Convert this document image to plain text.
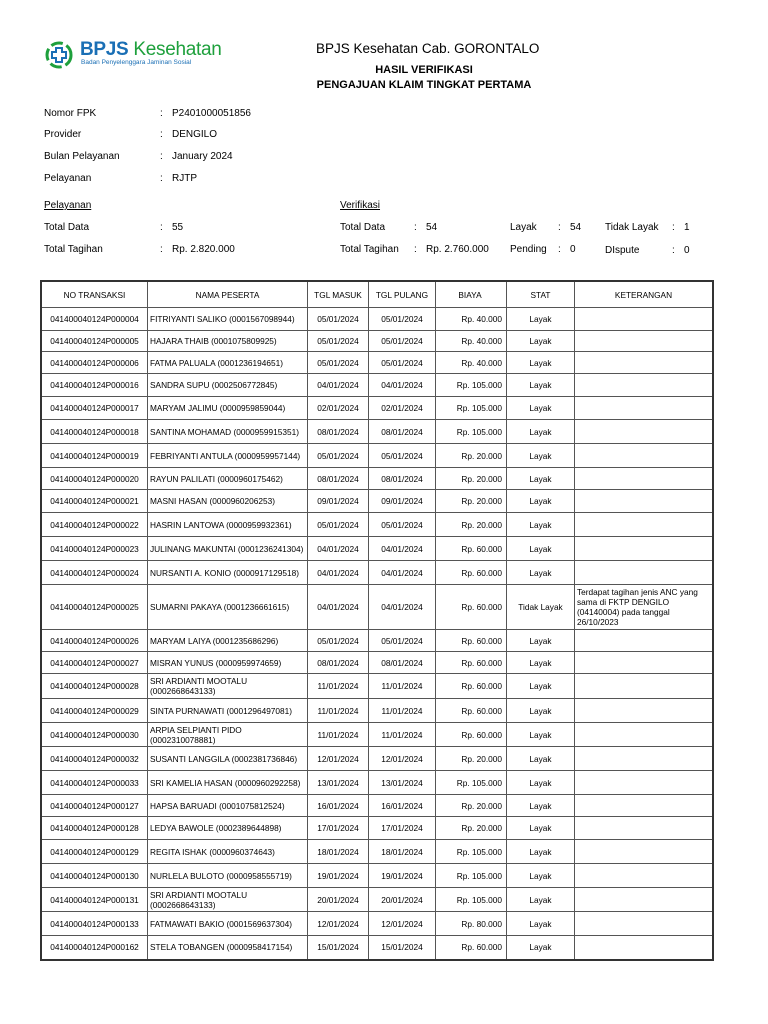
BPJS Kesehatan
Badan Penyelenggara Jaminan Sosial
BPJS Kesehatan Cab. GORONTALO
HASIL VERIFIKASI
PENGAJUAN KLAIM TINGKAT PERTAMA
Nomor FPK	: P2401000051856
Provider	: DENGILO
Bulan Pelayanan	: January 2024
Pelayanan	: RJTP
Pelayanan
Total Data	: 55
Total Tagihan	: Rp. 2.820.000
Verifikasi
Total Data	: 54
Total Tagihan : Rp. 2.760.000
Layak : 54
Pending : 0
Tidak Layak : 1
DIspute	: 0
NO TRANSAKSI	NAMA PESERTA	TGL MASUK	TGL PULANG	BIAYA	STAT	KETERANGAN
041400040124P000004	FITRIYANTI SALIKO (0001567098944)	05/01/2024	05/01/2024	Rp. 40.000	Layak	
041400040124P000005	HAJARA THAIB (0001075809925)	05/01/2024	05/01/2024	Rp. 40.000	Layak	
041400040124P000006	FATMA PALUALA (0001236194651)	05/01/2024	05/01/2024	Rp. 40.000	Layak	
041400040124P000016	SANDRA SUPU (0002506772845)	04/01/2024	04/01/2024	Rp. 105.000	Layak	
041400040124P000017	MARYAM JALIMU (0000959859044)	02/01/2024	02/01/2024	Rp. 105.000	Layak	
041400040124P000018	SANTINA MOHAMAD (0000959915351)	08/01/2024	08/01/2024	Rp. 105.000	Layak	
041400040124P000019	FEBRIYANTI ANTULA (0000959957144)	05/01/2024	05/01/2024	Rp. 20.000	Layak	
041400040124P000020	RAYUN PALILATI (0000960175462)	08/01/2024	08/01/2024	Rp. 20.000	Layak	
041400040124P000021	MASNI HASAN (0000960206253)	09/01/2024	09/01/2024	Rp. 20.000	Layak	
041400040124P000022	HASRIN LANTOWA (0000959932361)	05/01/2024	05/01/2024	Rp. 20.000	Layak	
041400040124P000023	JULINANG MAKUNTAI (0001236241304)	04/01/2024	04/01/2024	Rp. 60.000	Layak	
041400040124P000024	NURSANTI A. KONIO (0000917129518)	04/01/2024	04/01/2024	Rp. 60.000	Layak	
041400040124P000025	SUMARNI PAKAYA (0001236661615)	04/01/2024	04/01/2024	Rp. 60.000	Tidak Layak	Terdapat tagihan jenis ANC yang sama di FKTP DENGILO (04140004) pada tanggal 26/10/2023
041400040124P000026	MARYAM LAIYA (0001235686296)	05/01/2024	05/01/2024	Rp. 60.000	Layak	
041400040124P000027	MISRAN YUNUS (0000959974659)	08/01/2024	08/01/2024	Rp. 60.000	Layak	
041400040124P000028	SRI ARDIANTI MOOTALU (0002668643133)	11/01/2024	11/01/2024	Rp. 60.000	Layak	
041400040124P000029	SINTA PURNAWATI (0001296497081)	11/01/2024	11/01/2024	Rp. 60.000	Layak	
041400040124P000030	ARPIA SELPIANTI PIDO (0002310078881)	11/01/2024	11/01/2024	Rp. 60.000	Layak	
041400040124P000032	SUSANTI LANGGILA (0002381736846)	12/01/2024	12/01/2024	Rp. 20.000	Layak	
041400040124P000033	SRI KAMELIA HASAN (0000960292258)	13/01/2024	13/01/2024	Rp. 105.000	Layak	
041400040124P000127	HAPSA BARUADI (0001075812524)	16/01/2024	16/01/2024	Rp. 20.000	Layak	
041400040124P000128	LEDYA BAWOLE (0002389644898)	17/01/2024	17/01/2024	Rp. 20.000	Layak	
041400040124P000129	REGITA ISHAK (0000960374643)	18/01/2024	18/01/2024	Rp. 105.000	Layak	
041400040124P000130	NURLELA BULOTO (0000958555719)	19/01/2024	19/01/2024	Rp. 105.000	Layak	
041400040124P000131	SRI ARDIANTI MOOTALU (0002668643133)	20/01/2024	20/01/2024	Rp. 105.000	Layak	
041400040124P000133	FATMAWATI BAKIO (0001569637304)	12/01/2024	12/01/2024	Rp. 80.000	Layak	
041400040124P000162	STELA TOBANGEN (0000958417154)	15/01/2024	15/01/2024	Rp. 60.000	Layak	
